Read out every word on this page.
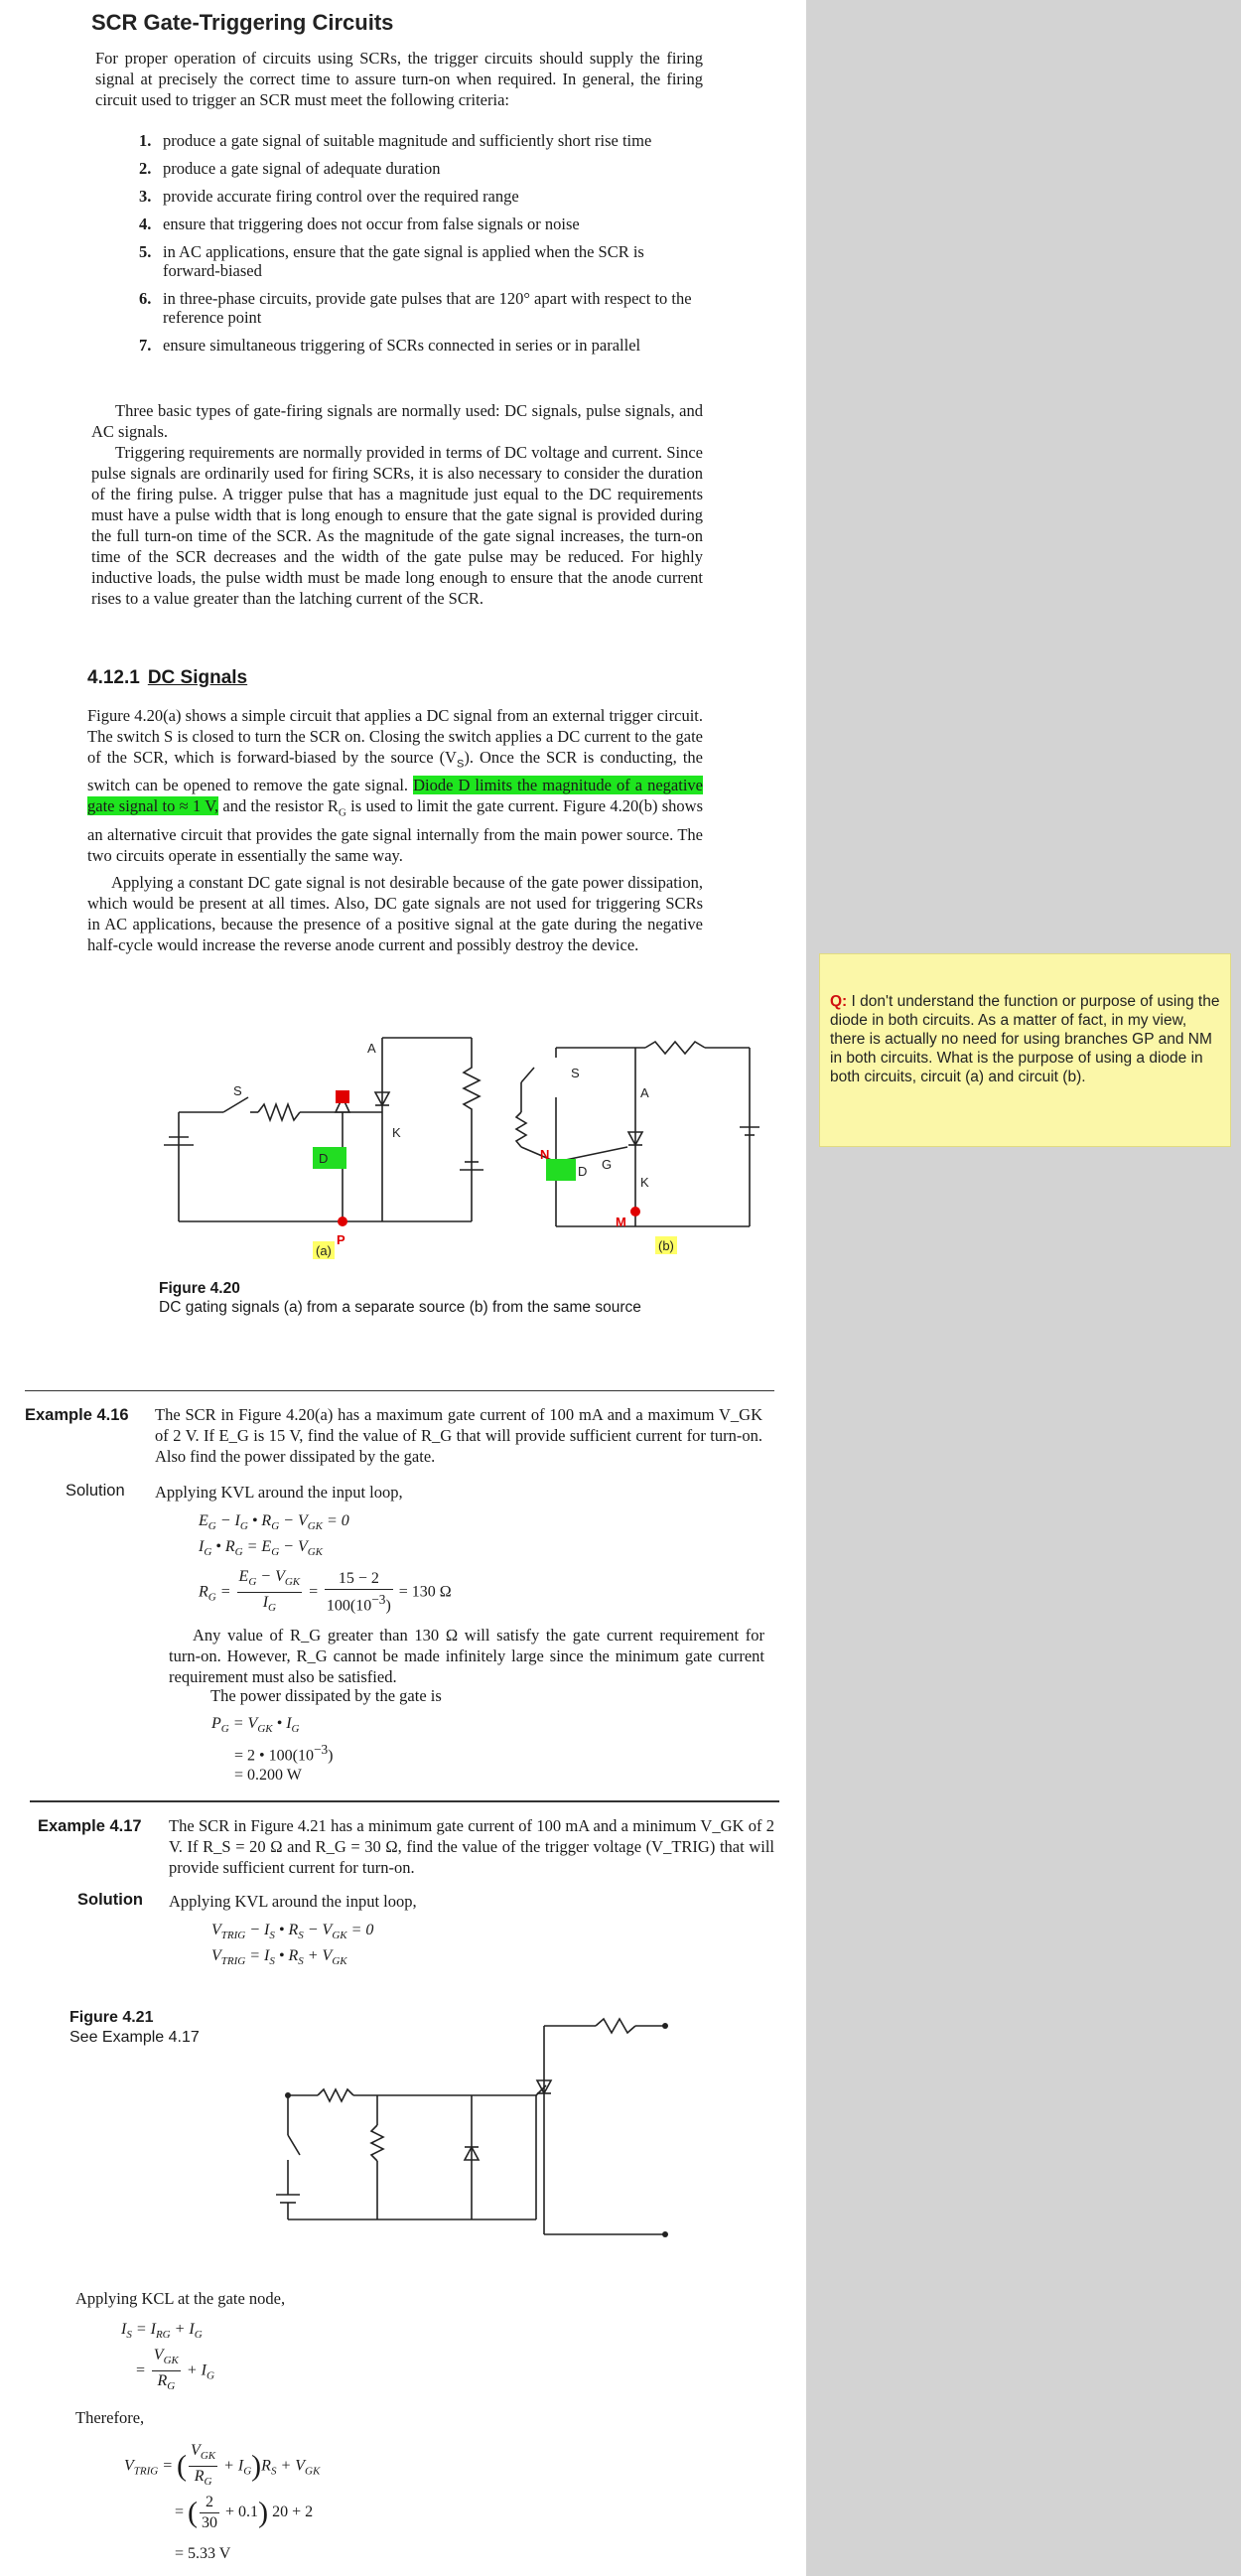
SCR Gate-Triggering Circuits
For proper operation of circuits using SCRs, the trigger circuits should supply the firing signal at precisely the correct time to assure turn-on when required. In general, the firing circuit used to trigger an SCR must meet the following criteria:
1. produce a gate signal of suitable magnitude and sufficiently short rise time
2. produce a gate signal of adequate duration
3. provide accurate firing control over the required range
4. ensure that triggering does not occur from false signals or noise
5. in AC applications, ensure that the gate signal is applied when the SCR is forward-biased
6. in three-phase circuits, provide gate pulses that are 120° apart with respect to the reference point
7. ensure simultaneous triggering of SCRs connected in series or in parallel
Three basic types of gate-firing signals are normally used: DC signals, pulse signals, and AC signals.
Triggering requirements are normally provided in terms of DC voltage and current. Since pulse signals are ordinarily used for firing SCRs, it is also necessary to consider the duration of the firing pulse. A trigger pulse that has a magnitude just equal to the DC requirements must have a pulse width that is long enough to ensure that the gate signal is provided during the full turn-on time of the SCR. As the magnitude of the gate signal increases, the turn-on time of the SCR decreases and the width of the gate pulse may be reduced. For highly inductive loads, the pulse width must be made long enough to ensure that the anode current rises to a value greater than the latching current of the SCR.
4.12.1 DC Signals
Figure 4.20(a) shows a simple circuit that applies a DC signal from an external trigger circuit. The switch S is closed to turn the SCR on. Closing the switch applies a DC current to the gate of the SCR, which is forward-biased by the source $(V_S)$. Once the SCR is conducting, the switch can be opened to remove the gate signal. Diode D limits the magnitude of a negative gate signal to ≈ 1 V, and the resistor $R_G$ is used to limit the gate current. Figure 4.20(b) shows an alternative circuit that provides the gate signal internally from the main power source. The two circuits operate in essentially the same way.
Applying a constant DC gate signal is not desirable because of the gate power dissipation, which would be present at all times. Also, DC gate signals are not used for triggering SCRs in AC applications, because the presence of a positive signal at the gate during the negative half-cycle would increase the reverse anode current and possibly destroy the device.
S
A
K
D
P
(a)
S
A
K
G
D
N
M
(b)
Figure 4.20
DC gating signals (a) from a separate source (b) from the same source
Example 4.16 The SCR in Figure 4.20(a) has a maximum gate current of 100 mA and a maximum V_GK of 2 V. If E_G is 15 V, find the value of R_G that will provide sufficient current for turn-on. Also find the power dissipated by the gate.
Solution Applying KVL around the input loop,
$E_G - I_G$ • $R_G - V_{GK} = 0$
$I_G$ • $R_G = E_G - V_{GK}$
$R_G = \frac{E_G - V_{GK}}{I_G} = \frac{15 - 2}{100(10^{-3})} = 130$ Ω
Any value of R_G greater than 130 Ω will satisfy the gate current requirement for turn-on. However, R_G cannot be made infinitely large since the minimum gate current requirement must also be satisfied.
The power dissipated by the gate is
$P_G = V_{GK}$ • $I_G$
= 2 • $100(10^{-3})$
= 0.200 W
Example 4.17 The SCR in Figure 4.21 has a minimum gate current of 100 mA and a minimum V_GK of 2 V. If R_S = 20 Ω and R_G = 30 Ω, find the value of the trigger voltage (V_TRIG) that will provide sufficient current for turn-on.
Solution Applying KVL around the input loop,
$V_{TRIG} - I_S$ • $R_S - V_{GK} = 0$
$V_{TRIG} = I_S$ • $R_S + V_{GK}$
Figure 4.21
See Example 4.17
Applying KCL at the gate node,
$I_S = I_{RG} + I_G$
= $\frac{V_{GK}}{R_G} + I_G$
Therefore,
$V_{TRIG}$ = ( $\frac{V_{GK}}{R_G} + I_G)R_S + V_{GK}$
= ( $\frac{2}{30} + 0.1$) 20 + 2
= 5.33 V
Q: I don't understand the function or purpose of using the diode in both circuits. As a matter of fact, in my view, there is actually no need for using branches GP and NM in both circuits. What is the purpose of using a diode in both circuits, circuit (a) and circuit (b).
